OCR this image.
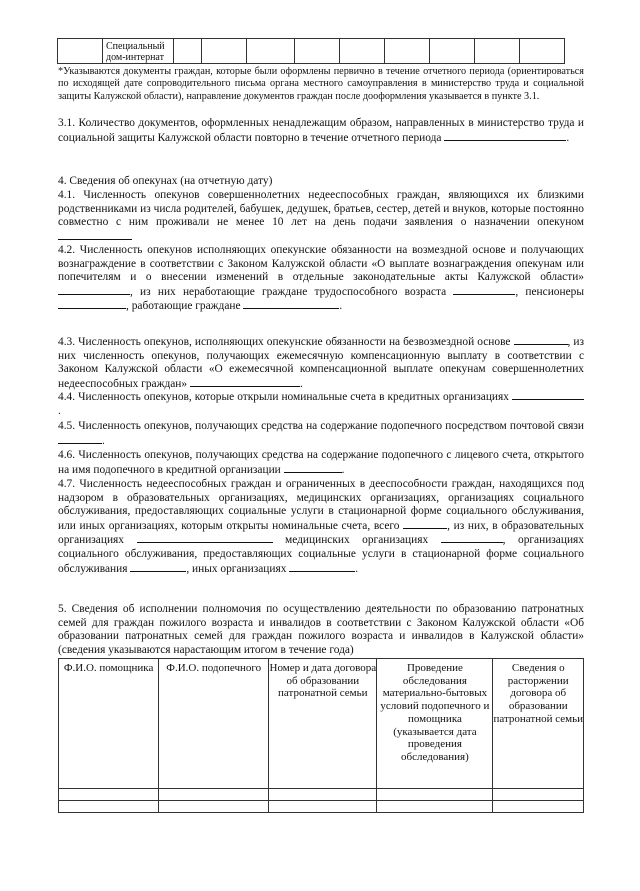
	Специальный дом-интернат									
*Указываются документы граждан, которые были оформлены первично в течение отчетного периода (ориентироваться по исходящей дате сопроводительного письма органа местного самоуправления в министерство труда и социальной защиты Калужской области), направление документов граждан после дооформления указывается в пункте 3.1.
3.1. Количество документов, оформленных ненадлежащим образом, направленных в министерство труда и социальной защиты Калужской области повторно в течение отчетного периода	.
4. Сведения об опекунах (на отчетную дату)
4.1. Численность опекунов совершеннолетних недееспособных граждан, являющихся их близкими родственниками из числа родителей, бабушек, дедушек, братьев, сестер, детей и внуков, которые постоянно совместно с ним проживали не менее 10 лет на день подачи заявления о назначении опекуном
4.2. Численность опекунов исполняющих опекунские обязанности на возмездной основе и получающих вознаграждение в соответствии с Законом Калужской области «О выплате вознаграждения опекунам или попечителям и о внесении изменений в отдельные законодательные акты Калужской области» , из них неработающие граждане трудоспособного возраста	, пенсионеры , работающие граждане	.
4.3. Численность опекунов, исполняющих опекунские обязанности на безвозмездной основе	, из них численность опекунов, получающих ежемесячную компенсационную выплату в соответствии с Законом Калужской области «О ежемесячной компенсационной выплате опекунам совершеннолетних недееспособных граждан»	.
4.4. Численность опекунов, которые открыли номинальные счета в кредитных организациях .
4.5. Численность опекунов, получающих средства на содержание подопечного посредством почтовой связи .
4.6. Численность опекунов, получающих средства на содержание подопечного с лицевого счета, открытого на имя подопечного в кредитной организации	.
4.7. Численность недееспособных граждан и ограниченных в дееспособности граждан, находящихся под надзором в образовательных организациях, медицинских организациях, организациях социального обслуживания, предоставляющих социальные услуги в стационарной форме социального обслуживания, или иных организациях, которым открыты номинальные счета, всего	, из них, в образовательных организациях	медицинских организациях	, организациях социального обслуживания, предоставляющих социальные услуги в стационарной форме социального обслуживания	, иных организациях	.
5. Сведения об исполнении полномочия по осуществлению деятельности по образованию патронатных семей для граждан пожилого возраста и инвалидов в соответствии с Законом Калужской области «Об образовании патронатных семей для граждан пожилого возраста и инвалидов в Калужской области» (сведения указываются нарастающим итогом в течение года)
Ф.И.О. помощника	Ф.И.О. подопечного	Номер и дата договора об образовании патронатной семьи	Проведение обследования материально-бытовых условий подопечного и помощника (указывается дата проведения обследования)	Сведения о расторжении договора об образовании патронатной семьи
